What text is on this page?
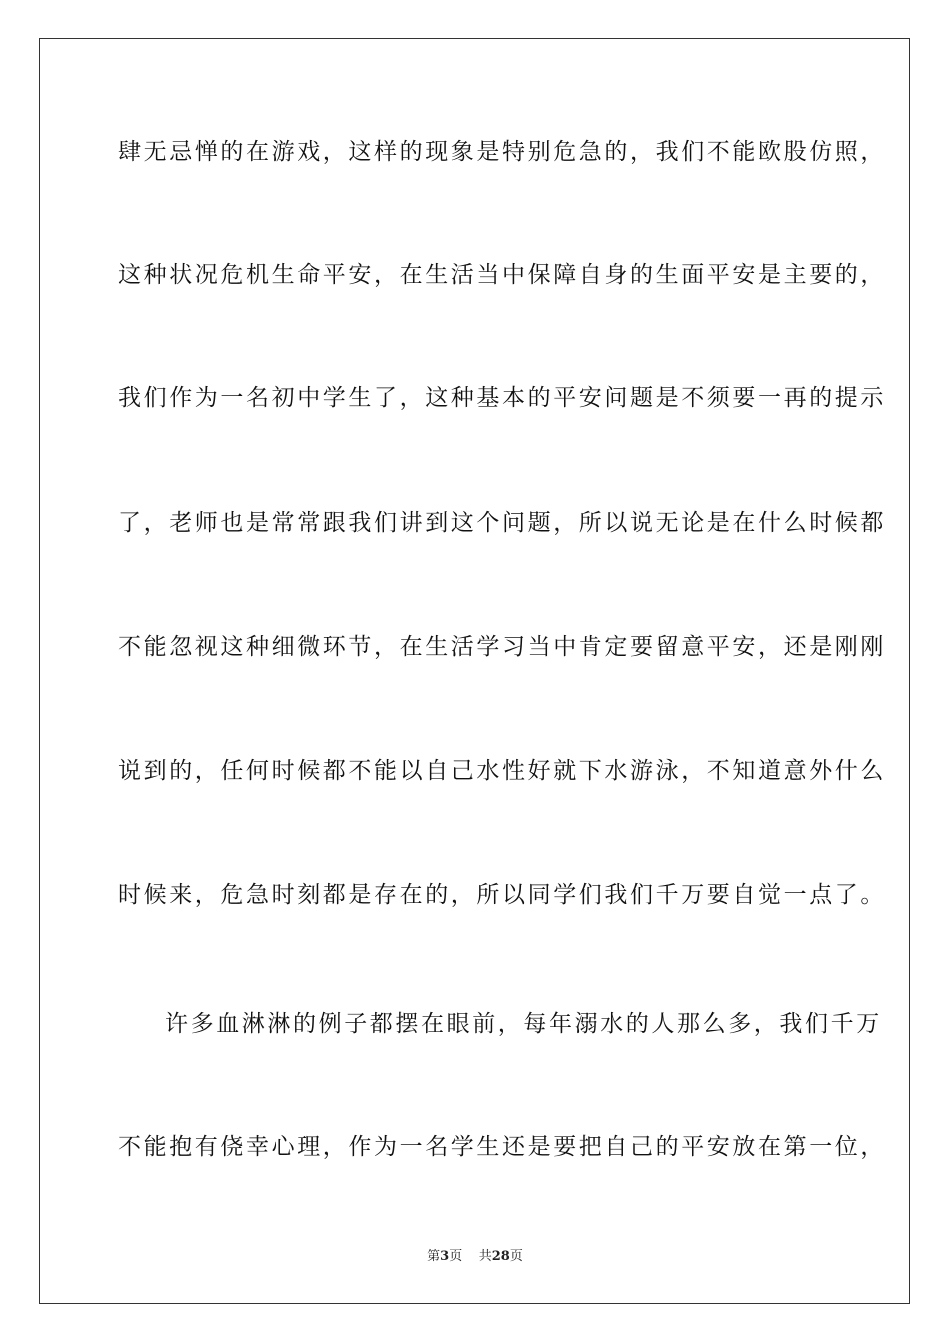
肆无忌惮的在游戏，这样的现象是特别危急的，我们不能欧股仿照，
这种状况危机生命平安，在生活当中保障自身的生面平安是主要的，
我们作为一名初中学生了，这种基本的平安问题是不须要一再的提示
了，老师也是常常跟我们讲到这个问题，所以说无论是在什么时候都
不能忽视这种细微环节，在生活学习当中肯定要留意平安，还是刚刚
说到的，任何时候都不能以自己水性好就下水游泳，不知道意外什么
时候来，危急时刻都是存在的，所以同学们我们千万要自觉一点了。
许多血淋淋的例子都摆在眼前，每年溺水的人那么多，我们千万
不能抱有侥幸心理，作为一名学生还是要把自己的平安放在第一位，
第3页 共28页
